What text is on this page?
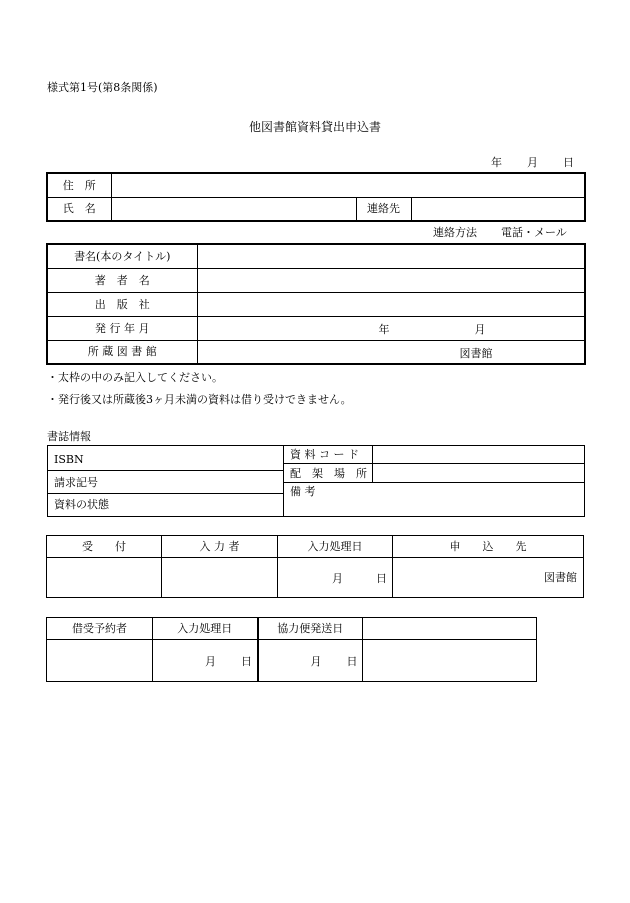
様式第1号(第8条関係)
他図書館資料貸出申込書
年 月 日
住　所			
氏　名		連絡先	
連絡方法 電話・メール
書名(本のタイトル)	
著　者　名	
出　版　社	
発 行 年 月	年 月

所 蔵 図 書 館	図書館
・太枠の中のみ記入してください。
・発行後又は所蔵後3ヶ月未満の資料は借り受けできません。
書誌情報
ISBN
請求記号
資料の状態
資 料 コ ー ド
配　架　場　所
備 考
受　　付	入 力 者	入力処理日	申　　込　　先

		月 日	図書館
借受予約者	入力処理日	協力便発送日	

	月 日	月 日	
